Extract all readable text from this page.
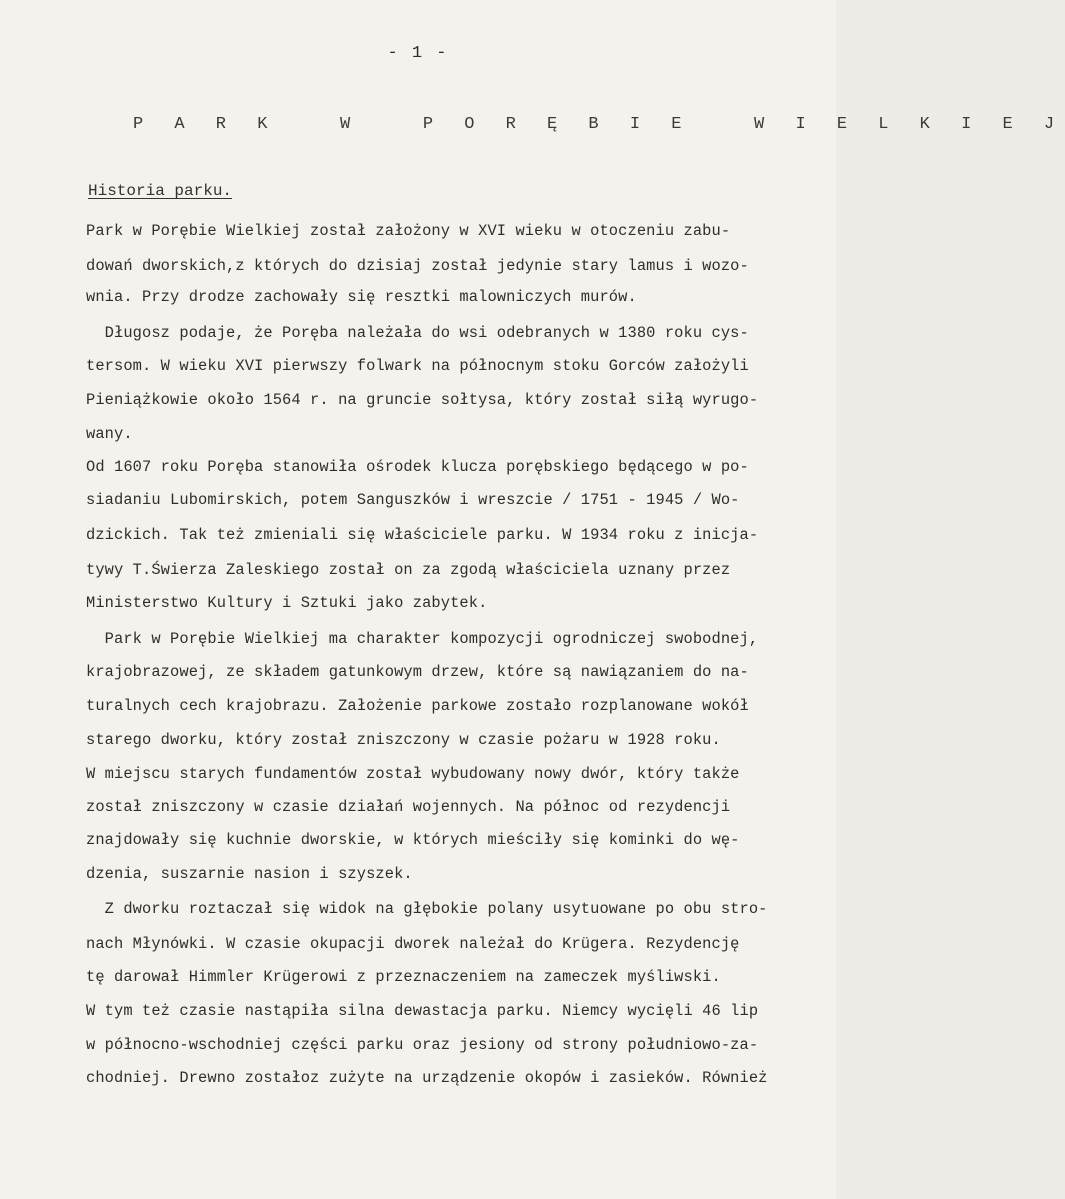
- 1 -
P A R K   W   P O R Ę B I E   W I E L K I E J
Historia parku.
Park w Porębie Wielkiej został założony w XVI wieku w otoczeniu zabu-
dowań dworskich,z których do dzisiaj został jedynie stary lamus i wozo-
wnia. Przy drodze zachowały się resztki malowniczych murów.
Długosz podaje, że Poręba należała do wsi odebranych w 1380 roku cys-
tersom. W wieku XVI pierwszy folwark na północnym stoku Gorców założyli
Pieniążkowie około 1564 r. na gruncie sołtysa, który został siłą wyrugo-
wany.
Od 1607 roku Poręba stanowiła ośrodek klucza porębskiego będącego w po-
siadaniu Lubomirskich, potem Sanguszków i wreszcie / 1751 - 1945 / Wo-
dzickich. Tak też zmieniali się właściciele parku. W 1934 roku z inicja-
tywy T.Świerza Zaleskiego został on za zgodą właściciela uznany przez
Ministerstwo Kultury i Sztuki jako zabytek.
Park w Porębie Wielkiej ma charakter kompozycji ogrodniczej swobodnej,
krajobrazowej, ze składem gatunkowym drzew, które są nawiązaniem do na-
turalnych cech krajobrazu. Założenie parkowe zostało rozplanowane wokół
starego dworku, który został zniszczony w czasie pożaru w 1928 roku.
W miejscu starych fundamentów został wybudowany nowy dwór, który także
został zniszczony w czasie działań wojennych. Na północ od rezydencji
znajdowały się kuchnie dworskie, w których mieściły się kominki do wę-
dzenia, suszarnie nasion i szyszek.
Z dworku roztaczał się widok na głębokie polany usytuowane po obu stro-
nach Młynówki. W czasie okupacji dworek należał do Krügera. Rezydencję
tę darował Himmler Krügerowi z przeznaczeniem na zameczek myśliwski.
W tym też czasie nastąpiła silna dewastacja parku. Niemcy wycięli 46 lip
w północno-wschodniej części parku oraz jesiony od strony południowo-za-
chodniej. Drewno zostałoz zużyte na urządzenie okopów i zasieków. Również
